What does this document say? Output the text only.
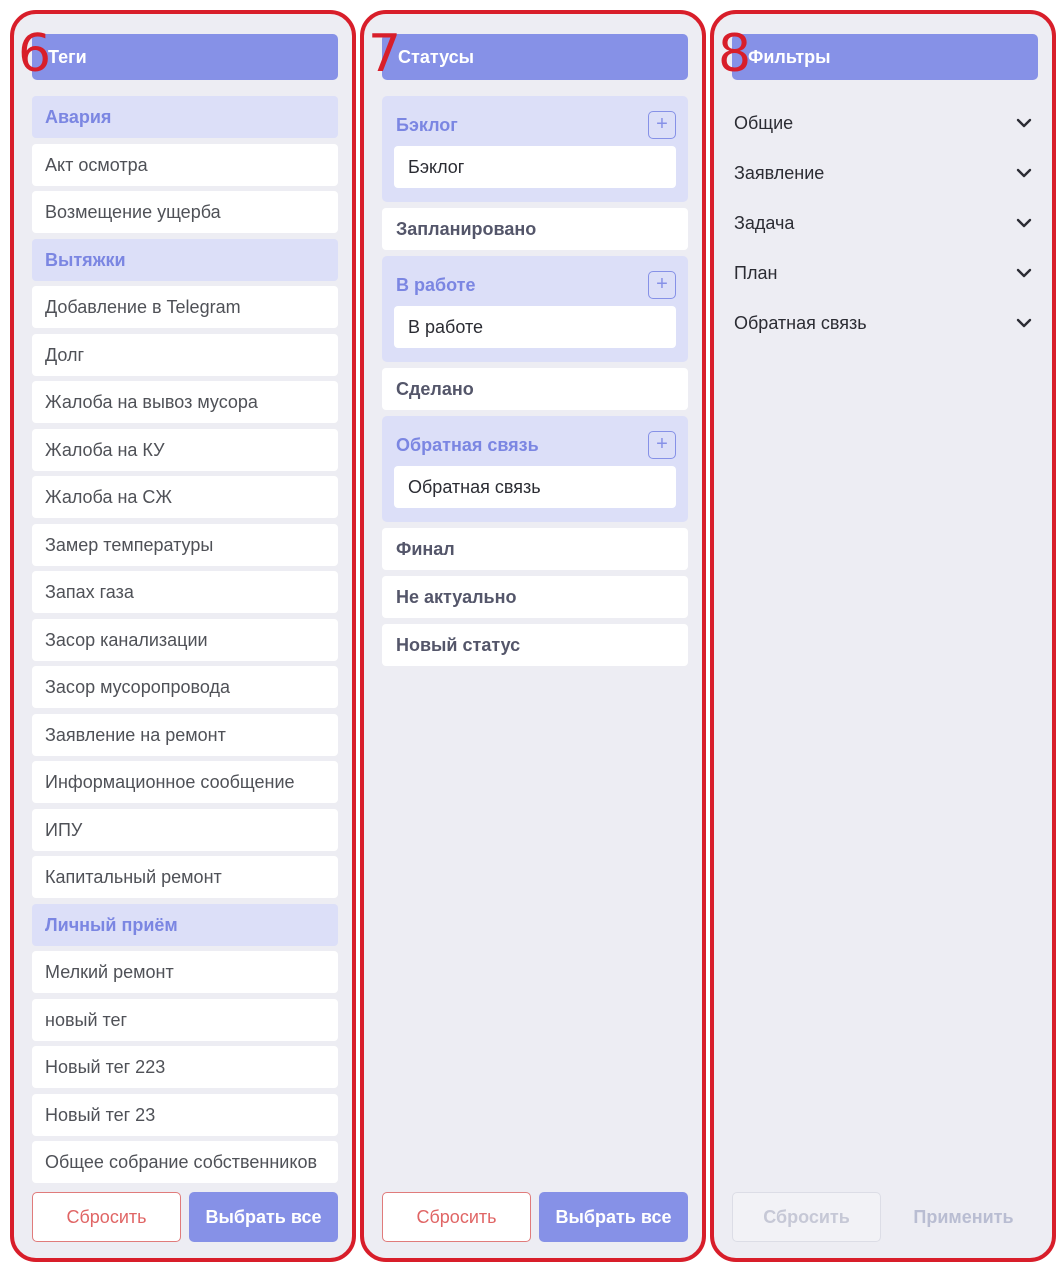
6
Теги
Авария
Акт осмотра
Возмещение ущерба
Вытяжки
Добавление в Telegram
Долг
Жалоба на вывоз мусора
Жалоба на КУ
Жалоба на СЖ
Замер температуры
Запах газа
Засор канализации
Засор мусоропровода
Заявление на ремонт
Информационное сообщение
ИПУ
Капитальный ремонт
Личный приём
Мелкий ремонт
новый тег
Новый тег 223
Новый тег 23
Общее собрание собственников
Сбросить	Выбрать все
7
Статусы
Бэклог	+
Бэклог
Запланировано
В работе	+
В работе
Сделано
Обратная связь	+
Обратная связь
Финал
Не актуально
Новый статус
Сбросить	Выбрать все
8
Фильтры
Общие
Заявление
Задача
План
Обратная связь
Сбросить	Применить
